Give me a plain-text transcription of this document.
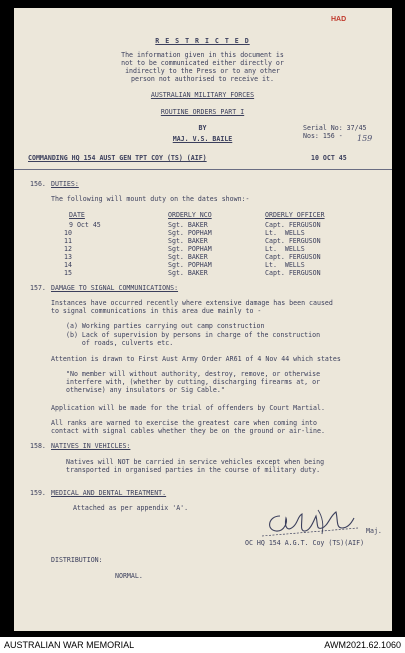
HAD
R E S T R I C T E D
The information given in this document is
not to be communicated either directly or
indirectly to the Press or to any other
person not authorised to receive it.
AUSTRALIAN MILITARY FORCES
ROUTINE ORDERS PART I
BY
MAJ. V.S. BAILE
Serial No: 37/45
Nos: 156 -	159
COMMANDING HQ 154 AUST GEN TPT COY (TS) (AIF)	10 OCT 45
156. DUTIES:
The following will mount duty on the dates shown:-
DATE	ORDERLY NCO	ORDERLY OFFICER
9 Oct 45	Sgt. BAKER	Capt. FERGUSON
10	Sgt. POPHAM	Lt.  WELLS
11	Sgt. BAKER	Capt. FERGUSON
12	Sgt. POPHAM	Lt.  WELLS
13	Sgt. BAKER	Capt. FERGUSON
14	Sgt. POPHAM	Lt.  WELLS
15	Sgt. BAKER	Capt. FERGUSON
157. DAMAGE TO SIGNAL COMMUNICATIONS:
Instances have occurred recently where extensive damage has been caused
to signal communications in this area due mainly to -
(a) Working parties carrying out camp construction
(b) Lack of supervision by persons in charge of the construction
of roads, culverts etc.
Attention is drawn to First Aust Army Order AR61 of 4 Nov 44 which states
"No member will without authority, destroy, remove, or otherwise
interfere with, (whether by cutting, discharging firearms at, or
otherwise) any insulators or Sig Cable."
Application will be made for the trial of offenders by Court Martial.
All ranks are warned to exercise the greatest care when coming into
contact with signal cables whether they be on the ground or air-line.
158. NATIVES IN VEHICLES:
Natives will NOT be carried in service vehicles except when being
transported in organised parties in the course of military duty.
159. MEDICAL AND DENTAL TREATMENT.
Attached as per appendix 'A'.
Maj.
OC HQ 154 A.G.T. Coy (TS)(AIF)
DISTRIBUTION:
NORMAL.
AUSTRALIAN WAR MEMORIAL	AWM2021.62.1060
